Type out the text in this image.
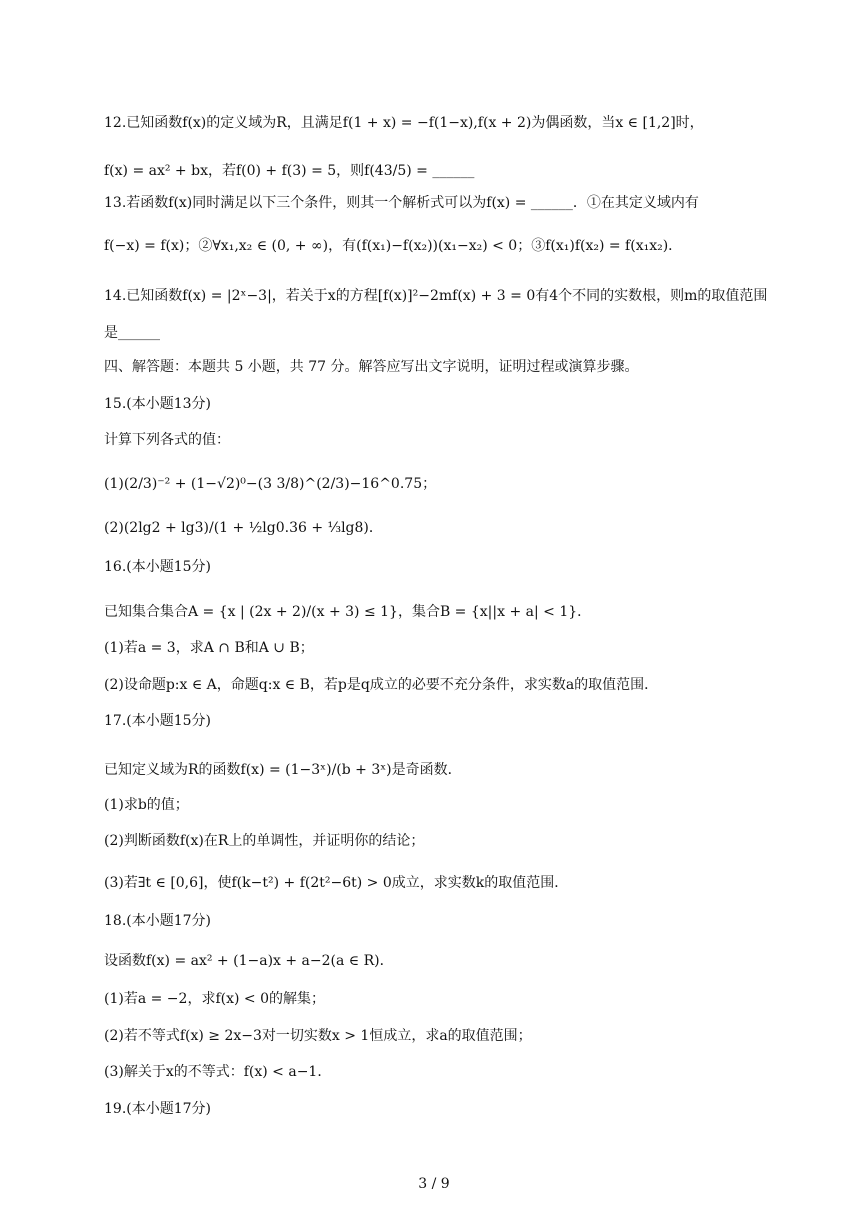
12.已知函数f(x)的定义域为R，且满足f(1 + x) = −f(1−x),f(x + 2)为偶函数，当x ∈ [1,2]时，
f(x) = ax² + bx，若f(0) + f(3) = 5，则f(43/5) = ______
13.若函数f(x)同时满足以下三个条件，则其一个解析式可以为f(x) = ______．①在其定义域内有
f(−x) = f(x)；②∀x₁,x₂ ∈ (0, + ∞)，有(f(x₁)−f(x₂))(x₁−x₂) < 0；③f(x₁)f(x₂) = f(x₁x₂)．
14.已知函数f(x) = |2ˣ−3|，若关于x的方程[f(x)]²−2mf(x) + 3 = 0有4个不同的实数根，则m的取值范围
是______
四、解答题：本题共 5 小题，共 77 分。解答应写出文字说明，证明过程或演算步骤。
15.(本小题13分)
计算下列各式的值：
(1)(2/3)⁻² + (1−√2)⁰−(3 3/8)^(2/3)−16^0.75；
(2)(2lg2 + lg3)/(1 + ½lg0.36 + ⅓lg8)．
16.(本小题15分)
已知集合集合A = {x | (2x + 2)/(x + 3) ≤ 1}，集合B = {x||x + a| < 1}．
(1)若a = 3，求A ∩ B和A ∪ B；
(2)设命题p:x ∈ A，命题q:x ∈ B，若p是q成立的必要不充分条件，求实数a的取值范围．
17.(本小题15分)
已知定义域为R的函数f(x) = (1−3ˣ)/(b + 3ˣ)是奇函数．
(1)求b的值；
(2)判断函数f(x)在R上的单调性，并证明你的结论；
(3)若∃t ∈ [0,6]，使f(k−t²) + f(2t²−6t) > 0成立，求实数k的取值范围．
18.(本小题17分)
设函数f(x) = ax² + (1−a)x + a−2(a ∈ R)．
(1)若a = −2，求f(x) < 0的解集；
(2)若不等式f(x) ≥ 2x−3对一切实数x > 1恒成立，求a的取值范围；
(3)解关于x的不等式：f(x) < a−1．
19.(本小题17分)
3 / 9
